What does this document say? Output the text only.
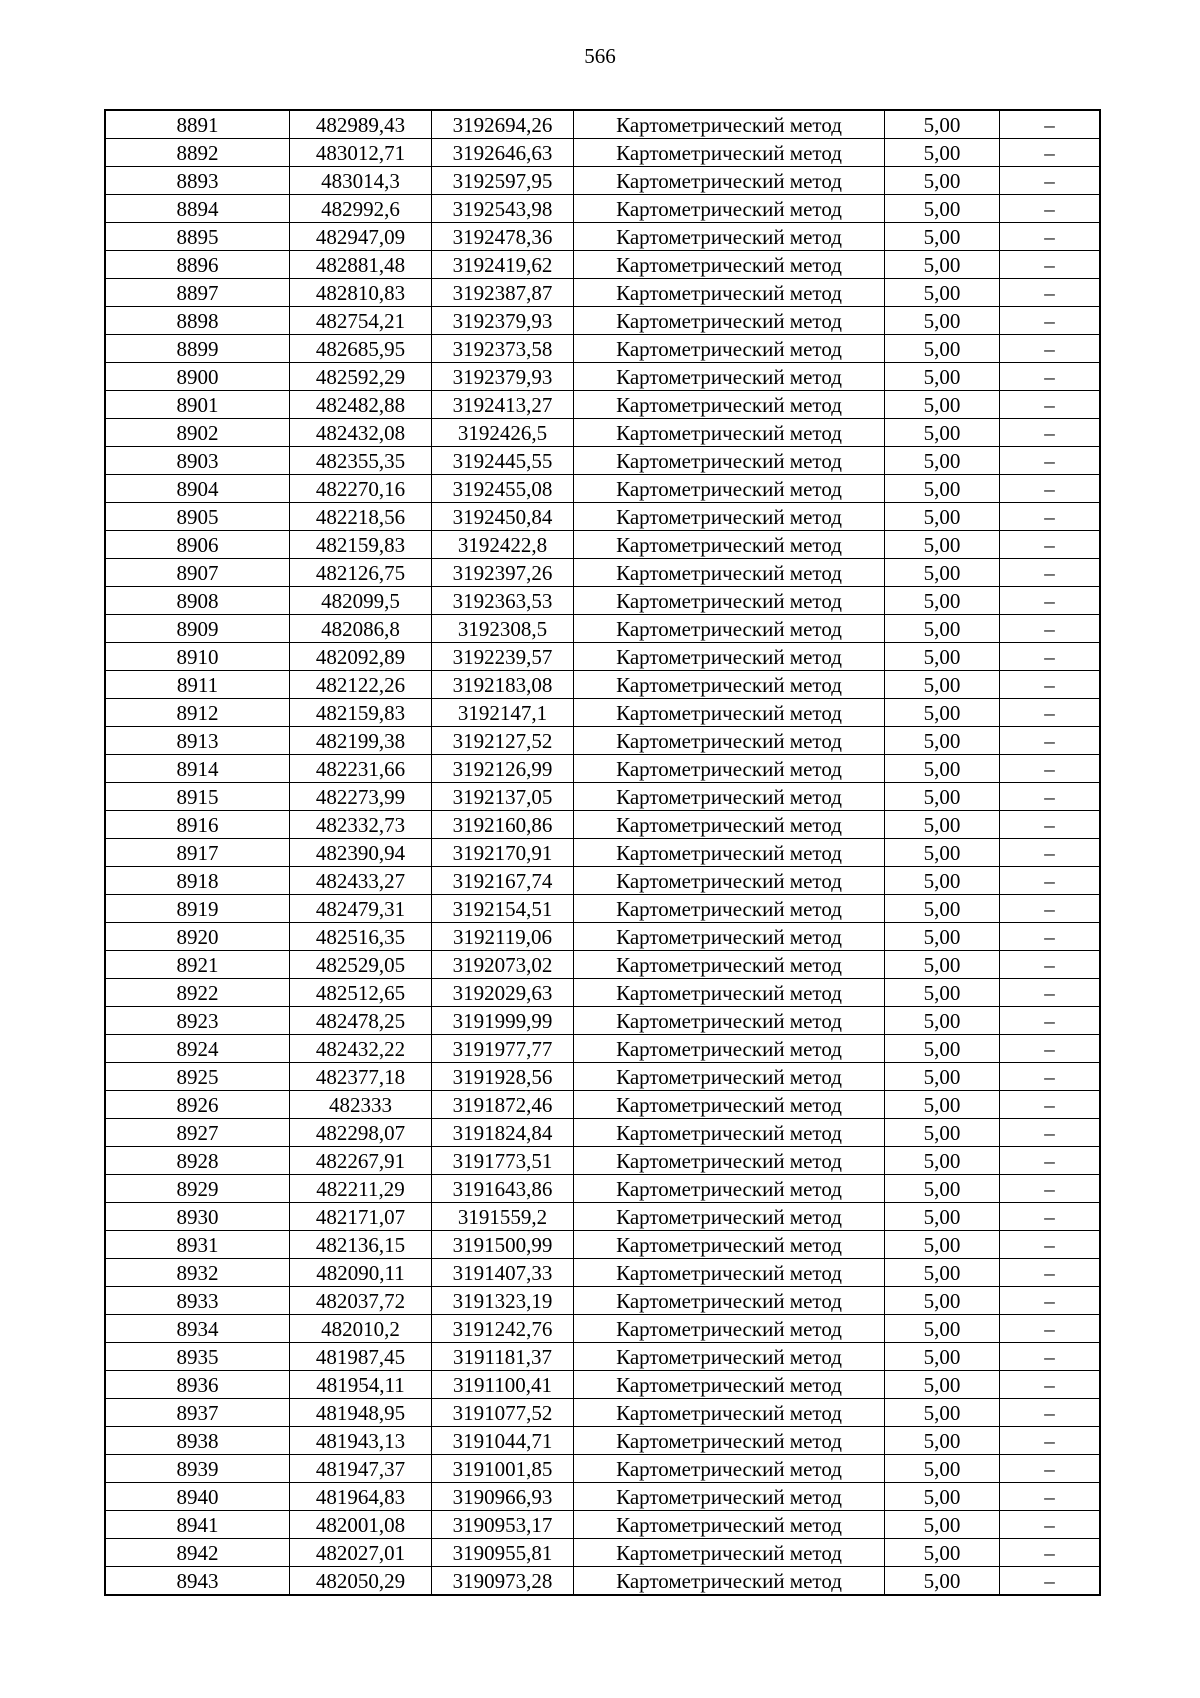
566
8891	482989,43	3192694,26	Картометрический метод	5,00	–
8892	483012,71	3192646,63	Картометрический метод	5,00	–
8893	483014,3	3192597,95	Картометрический метод	5,00	–
8894	482992,6	3192543,98	Картометрический метод	5,00	–
8895	482947,09	3192478,36	Картометрический метод	5,00	–
8896	482881,48	3192419,62	Картометрический метод	5,00	–
8897	482810,83	3192387,87	Картометрический метод	5,00	–
8898	482754,21	3192379,93	Картометрический метод	5,00	–
8899	482685,95	3192373,58	Картометрический метод	5,00	–
8900	482592,29	3192379,93	Картометрический метод	5,00	–
8901	482482,88	3192413,27	Картометрический метод	5,00	–
8902	482432,08	3192426,5	Картометрический метод	5,00	–
8903	482355,35	3192445,55	Картометрический метод	5,00	–
8904	482270,16	3192455,08	Картометрический метод	5,00	–
8905	482218,56	3192450,84	Картометрический метод	5,00	–
8906	482159,83	3192422,8	Картометрический метод	5,00	–
8907	482126,75	3192397,26	Картометрический метод	5,00	–
8908	482099,5	3192363,53	Картометрический метод	5,00	–
8909	482086,8	3192308,5	Картометрический метод	5,00	–
8910	482092,89	3192239,57	Картометрический метод	5,00	–
8911	482122,26	3192183,08	Картометрический метод	5,00	–
8912	482159,83	3192147,1	Картометрический метод	5,00	–
8913	482199,38	3192127,52	Картометрический метод	5,00	–
8914	482231,66	3192126,99	Картометрический метод	5,00	–
8915	482273,99	3192137,05	Картометрический метод	5,00	–
8916	482332,73	3192160,86	Картометрический метод	5,00	–
8917	482390,94	3192170,91	Картометрический метод	5,00	–
8918	482433,27	3192167,74	Картометрический метод	5,00	–
8919	482479,31	3192154,51	Картометрический метод	5,00	–
8920	482516,35	3192119,06	Картометрический метод	5,00	–
8921	482529,05	3192073,02	Картометрический метод	5,00	–
8922	482512,65	3192029,63	Картометрический метод	5,00	–
8923	482478,25	3191999,99	Картометрический метод	5,00	–
8924	482432,22	3191977,77	Картометрический метод	5,00	–
8925	482377,18	3191928,56	Картометрический метод	5,00	–
8926	482333	3191872,46	Картометрический метод	5,00	–
8927	482298,07	3191824,84	Картометрический метод	5,00	–
8928	482267,91	3191773,51	Картометрический метод	5,00	–
8929	482211,29	3191643,86	Картометрический метод	5,00	–
8930	482171,07	3191559,2	Картометрический метод	5,00	–
8931	482136,15	3191500,99	Картометрический метод	5,00	–
8932	482090,11	3191407,33	Картометрический метод	5,00	–
8933	482037,72	3191323,19	Картометрический метод	5,00	–
8934	482010,2	3191242,76	Картометрический метод	5,00	–
8935	481987,45	3191181,37	Картометрический метод	5,00	–
8936	481954,11	3191100,41	Картометрический метод	5,00	–
8937	481948,95	3191077,52	Картометрический метод	5,00	–
8938	481943,13	3191044,71	Картометрический метод	5,00	–
8939	481947,37	3191001,85	Картометрический метод	5,00	–
8940	481964,83	3190966,93	Картометрический метод	5,00	–
8941	482001,08	3190953,17	Картометрический метод	5,00	–
8942	482027,01	3190955,81	Картометрический метод	5,00	–
8943	482050,29	3190973,28	Картометрический метод	5,00	–
